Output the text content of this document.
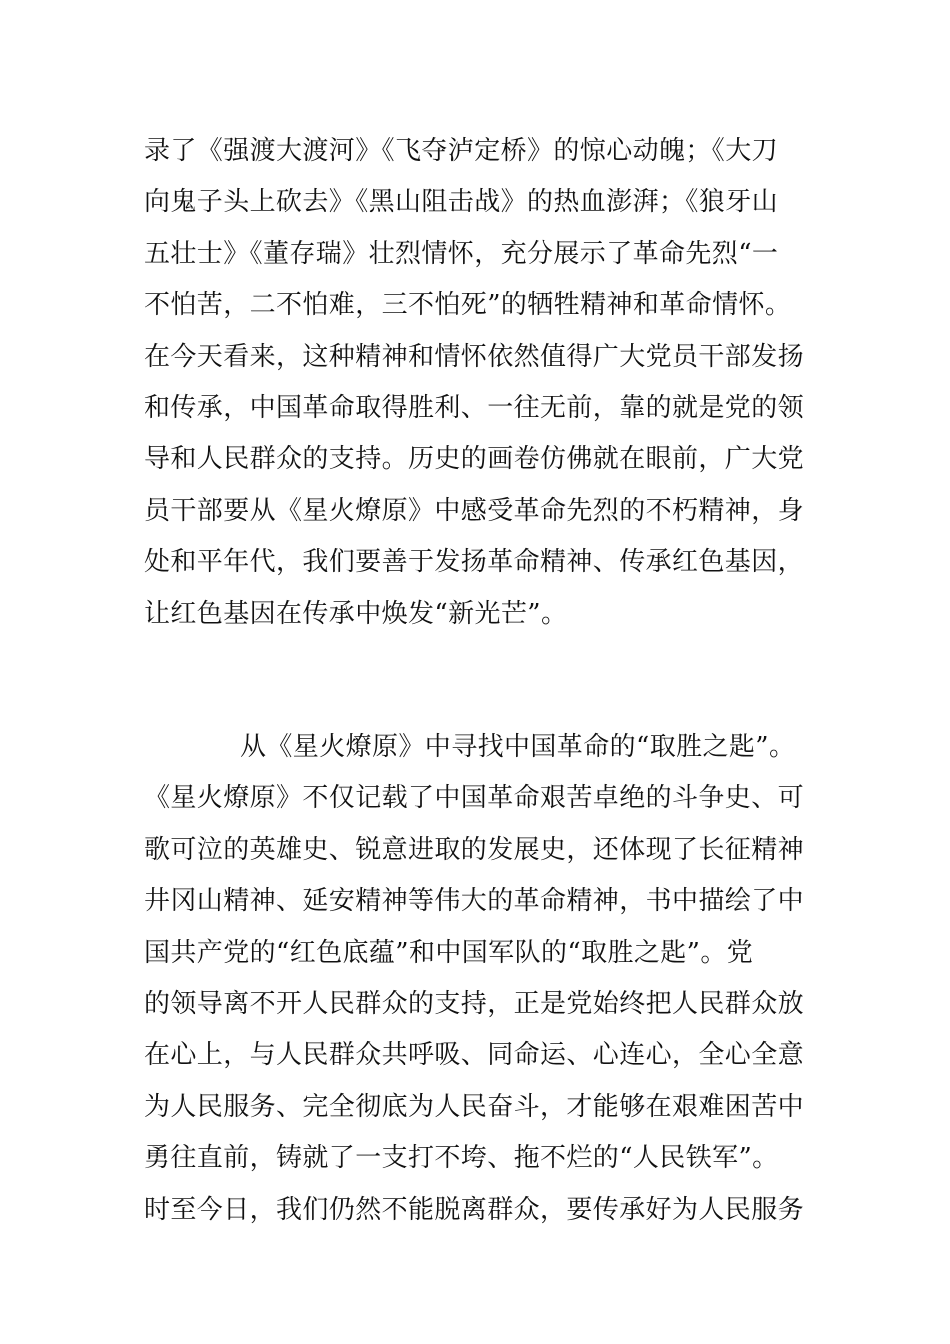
录了《强渡大渡河》《飞夺泸定桥》的惊心动魄；《大刀
向鬼子头上砍去》《黑山阻击战》的热血澎湃；《狼牙山
五壮士》《董存瑞》壮烈情怀，充分展示了革命先烈“一
不怕苦，二不怕难，三不怕死”的牺牲精神和革命情怀。
在今天看来，这种精神和情怀依然值得广大党员干部发扬
和传承，中国革命取得胜利、一往无前，靠的就是党的领
导和人民群众的支持。历史的画卷仿佛就在眼前，广大党
员干部要从《星火燎原》中感受革命先烈的不朽精神，身
处和平年代，我们要善于发扬革命精神、传承红色基因，
让红色基因在传承中焕发“新光芒”。
从《星火燎原》中寻找中国革命的“取胜之匙”。
《星火燎原》不仅记载了中国革命艰苦卓绝的斗争史、可
歌可泣的英雄史、锐意进取的发展史，还体现了长征精神
井冈山精神、延安精神等伟大的革命精神，书中描绘了中
国共产党的“红色底蕴”和中国军队的“取胜之匙”。党
的领导离不开人民群众的支持，正是党始终把人民群众放
在心上，与人民群众共呼吸、同命运、心连心，全心全意
为人民服务、完全彻底为人民奋斗，才能够在艰难困苦中
勇往直前，铸就了一支打不垮、拖不烂的“人民铁军”。
时至今日，我们仍然不能脱离群众，要传承好为人民服务
